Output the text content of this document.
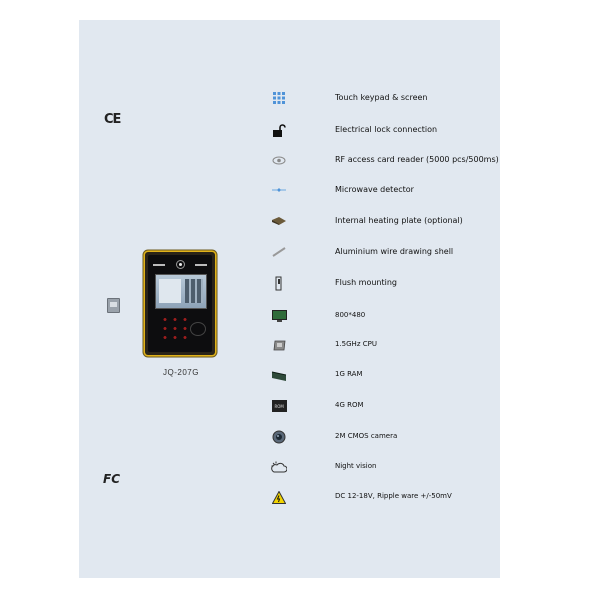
CE
FC
JQ-207G
Touch keypad & screen
Electrical lock connection
RF access card reader (5000 pcs/500ms)
Microwave detector
Internal heating plate (optional)
Aluminium wire drawing shell
Flush mounting
800*480
1.5GHz CPU
1G RAM
ROM	4G ROM
2M CMOS camera
Night vision
DC 12-18V, Ripple ware +/-50mV
